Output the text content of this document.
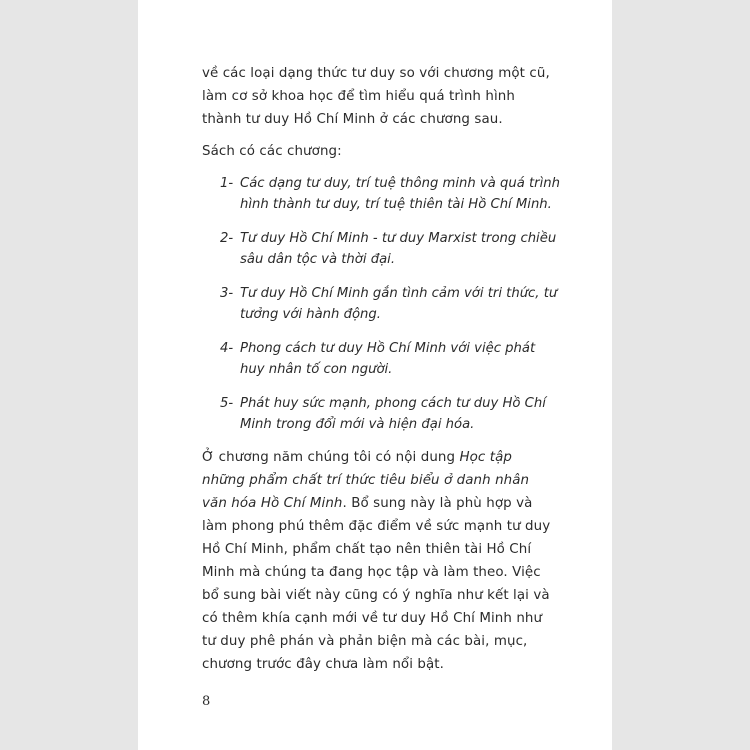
về các loại dạng thức tư duy so với chương một cũ, làm cơ sở khoa học để tìm hiểu quá trình hình thành tư duy Hồ Chí Minh ở các chương sau.

Sách có các chương:

1- Các dạng tư duy, trí tuệ thông minh và quá trình hình thành tư duy, trí tuệ thiên tài Hồ Chí Minh.
2- Tư duy Hồ Chí Minh - tư duy Marxist trong chiều sâu dân tộc và thời đại.
3- Tư duy Hồ Chí Minh gắn tình cảm với tri thức, tư tưởng với hành động.
4- Phong cách tư duy Hồ Chí Minh với việc phát huy nhân tố con người.
5- Phát huy sức mạnh, phong cách tư duy Hồ Chí Minh trong đổi mới và hiện đại hóa.

Ở chương năm chúng tôi có nội dung Học tập những phẩm chất trí thức tiêu biểu ở danh nhân văn hóa Hồ Chí Minh. Bổ sung này là phù hợp và làm phong phú thêm đặc điểm về sức mạnh tư duy Hồ Chí Minh, phẩm chất tạo nên thiên tài Hồ Chí Minh mà chúng ta đang học tập và làm theo. Việc bổ sung bài viết này cũng có ý nghĩa như kết lại và có thêm khía cạnh mới về tư duy Hồ Chí Minh như tư duy phê phán và phản biện mà các bài, mục, chương trước đây chưa làm nổi bật.

8
